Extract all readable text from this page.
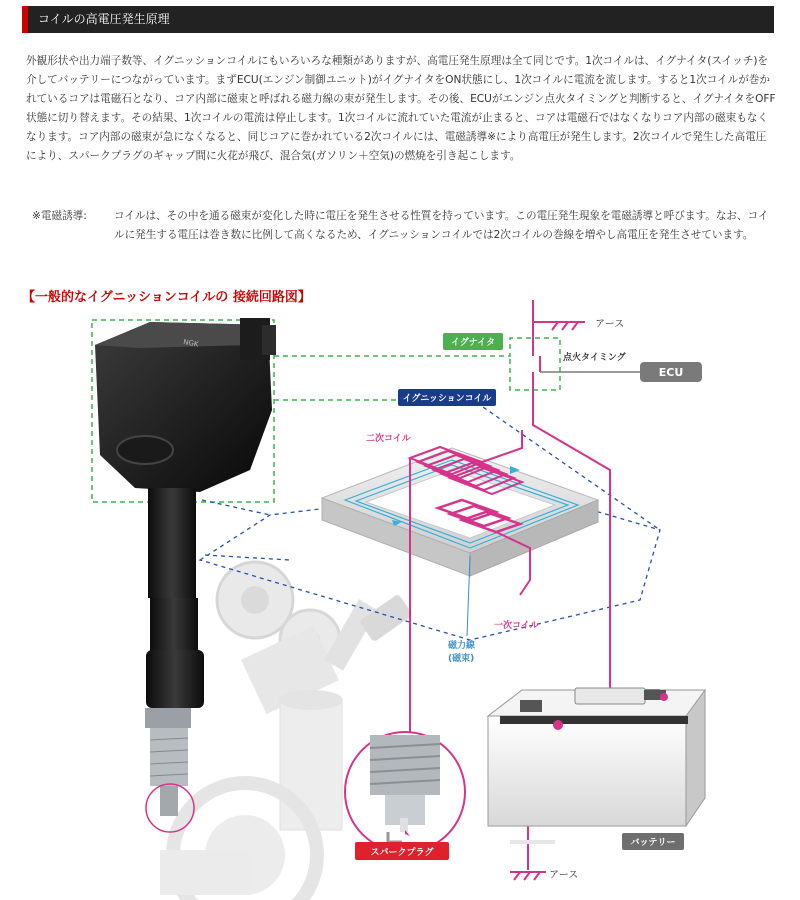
コイルの高電圧発生原理

外観形状や出力端子数等、イグニッションコイルにもいろいろな種類がありますが、高電圧発生原理は全て同じです。1次コイルは、イグナイタ(スイッチ)を介してバッテリーにつながっています。まずECU(エンジン制御ユニット)がイグナイタをON状態にし、1次コイルに電流を流します。すると1次コイルが巻かれているコアは電磁石となり、コア内部に磁束と呼ばれる磁力線の束が発生します。その後、ECUがエンジン点火タイミングと判断すると、イグナイタをOFF状態に切り替えます。その結果、1次コイルの電流は停止します。1次コイルに流れていた電流が止まると、コアは電磁石ではなくなりコア内部の磁束もなくなります。コア内部の磁束が急になくなると、同じコアに巻かれている2次コイルには、電磁誘導※により高電圧が発生します。2次コイルで発生した高電圧により、スパークプラグのギャップ間に火花が飛び、混合気(ガソリン＋空気)の燃焼を引き起こします。

※電磁誘導:	コイルは、その中を通る磁束が変化した時に電圧を発生させる性質を持っています。この電圧発生現象を電磁誘導と呼びます。なお、コイルに発生する電圧は巻き数に比例して高くなるため、イグニッションコイルでは2次コイルの巻線を増やし高電圧を発生させています。

【一般的なイグニッションコイルの 接続回路図】
NGK
アース
イグナイタ
点火タイミング
ECU
イグニッションコイル
二次コイル
一次コイル
磁力線
(磁束)
バッテリー
アース
スパークプラグ
